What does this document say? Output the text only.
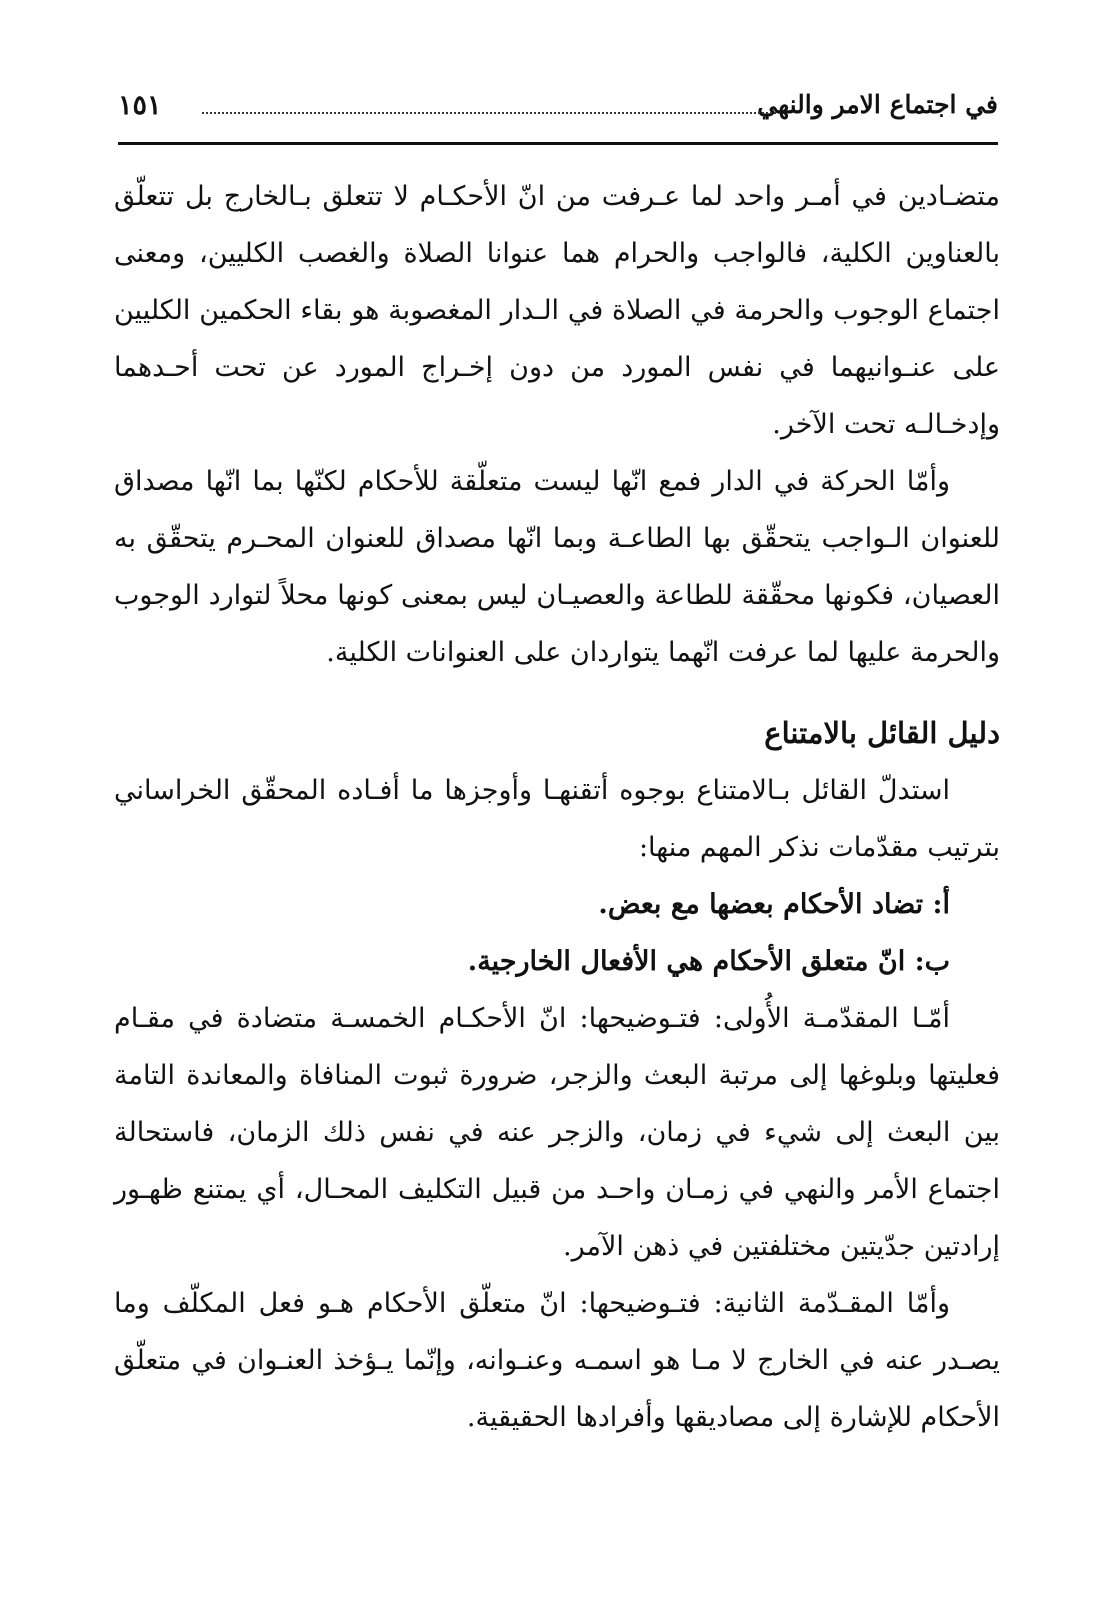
في اجتماع الامر والنهي
١٥١

متضـادين في أمـر واحد لما عـرفت من انّ الأحكـام لا تتعلق بـالخارج بل تتعلّق بالعناوين الكلية، فالواجب والحرام هما عنوانا الصلاة والغصب الكليين، ومعنى اجتماع الوجوب والحرمة في الصلاة في الـدار المغصوبة هو بقاء الحكمين الكليين على عنـوانيهما في نفس المورد من دون إخـراج المورد عن تحت أحـدهما وإدخـالـه تحت الآخر.

وأمّا الحركة في الدار فمع انّها ليست متعلّقة للأحكام لكنّها بما انّها مصداق للعنوان الـواجب يتحقّق بها الطاعـة وبما انّها مصداق للعنوان المحـرم يتحقّق به العصيان، فكونها محقّقة للطاعة والعصيـان ليس بمعنى كونها محلاً لتوارد الوجوب والحرمة عليها لما عرفت انّهما يتواردان على العنوانات الكلية.

دليل القائل بالامتناع

استدلّ القائل بـالامتناع بوجوه أتقنهـا وأوجزها ما أفـاده المحقّق الخراساني بترتيب مقدّمات نذكر المهم منها:

أ: تضاد الأحكام بعضها مع بعض.

ب: انّ متعلق الأحكام هي الأفعال الخارجية.

أمّـا المقدّمـة الأُولى: فتـوضيحها: انّ الأحكـام الخمسـة متضادة في مقـام فعليتها وبلوغها إلى مرتبة البعث والزجر، ضرورة ثبوت المنافاة والمعاندة التامة بين البعث إلى شيء في زمان، والزجر عنه في نفس ذلك الزمان، فاستحالة اجتماع الأمر والنهي في زمـان واحـد من قبيل التكليف المحـال، أي يمتنع ظهـور إرادتين جدّيتين مختلفتين في ذهن الآمر.

وأمّا المقـدّمة الثانية: فتـوضيحها: انّ متعلّق الأحكام هـو فعل المكلّف وما يصـدر عنه في الخارج لا مـا هو اسمـه وعنـوانه، وإنّما يـؤخذ العنـوان في متعلّق الأحكام للإشارة إلى مصاديقها وأفرادها الحقيقية.
